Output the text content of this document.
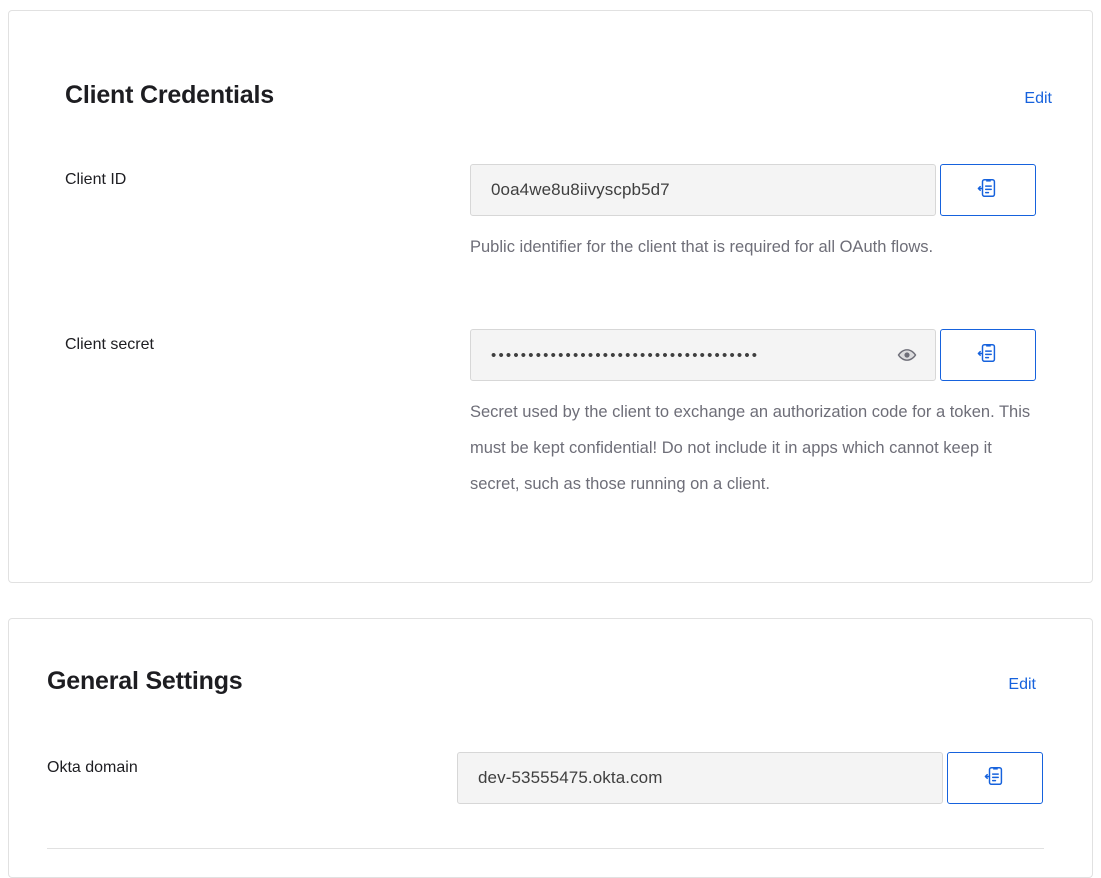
Client Credentials	Edit
Client ID
0oa4we8u8iivyscpb5d7
Public identifier for the client that is required for all OAuth flows.
Client secret
••••••••••••••••••••••••••••••••••••
Secret used by the client to exchange an authorization code for a token. This must be kept confidential! Do not include it in apps which cannot keep it secret, such as those running on a client.
General Settings	Edit
Okta domain
dev-53555475.okta.com
